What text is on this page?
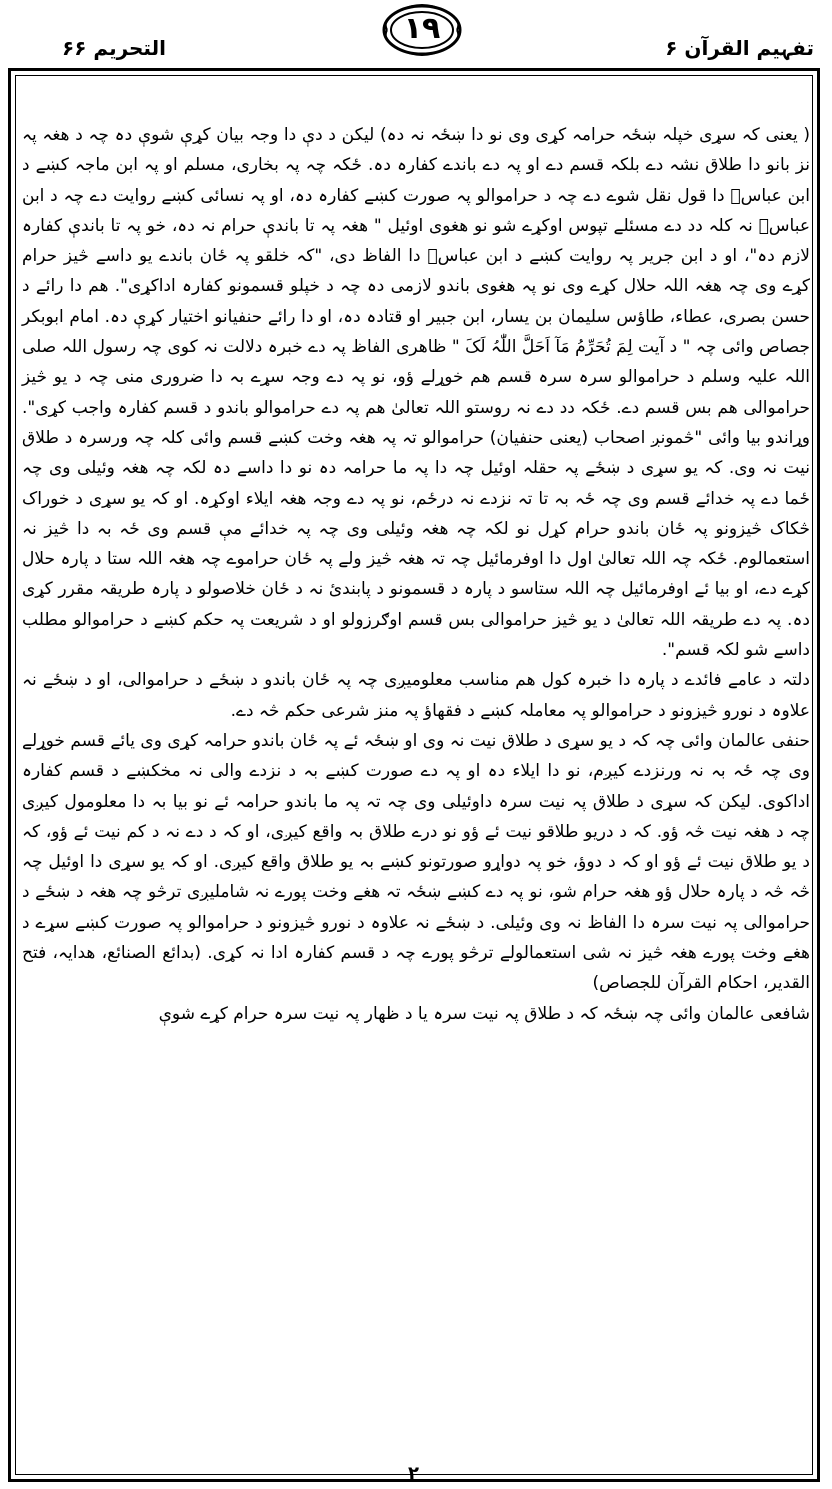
تفہیم القرآن ۶
۱۹
التحریم ۶۶

( یعنی کہ سړی خپلہ ښځہ حرامہ کړی وی نو دا ښځہ نہ دہ) لیکن د دې دا وجہ بیان کړې شوې دہ چہ د ھغہ پہ نز بانو دا طلاق نشہ دے بلکہ قسم دے او پہ دے باندے کفارہ دہ. ځکہ چہ پہ بخاری، مسلم او پہ ابن ماجہ کښے د ابن عباسؓ دا قول نقل شوے دے چہ د حراموالو پہ صورت کښے کفارہ دہ، او پہ نسائی کښے روایت دے چہ د ابن عباسؓ نہ کلہ دد دے مسئلے تپوس اوکړے شو نو ھغوی اوئیل " ھغہ پہ تا باندې حرام نہ دہ، خو پہ تا باندې کفارہ لازم دہ"، او د ابن جریر پہ روایت کښے د ابن عباسؓ دا الفاظ دی، "کہ خلقو پہ ځان باندے یو داسے څیز حرام کړے وی چہ ھغہ اللہ حلال کړے وی نو پہ ھغوی باندو لازمی دہ چہ د خپلو قسمونو کفارہ اداکړی". ھم دا رائے د حسن بصری، عطاء، طاؤس سلیمان بن یسار، ابن جبیر او قتادہ دہ، او دا رائے حنفیانو اختیار کړې دہ. امام ابوبکر جصاص وائی چہ " د آیت لِمَ تُحَرِّمُ مَآ اَحَلَّ اللّٰہُ لَکَ " ظاھری الفاظ پہ دے خبرہ دلالت نہ کوی چہ رسول اللہ صلی اللہ علیہ وسلم د حراموالو سرہ سرہ قسم ھم خوړلے ؤو، نو پہ دے وجہ سړے بہ دا ضروری منی چہ د یو څیز حراموالی ھم بس قسم دے. ځکہ دد دے نہ روستو اللہ تعالیٰ ھم پہ دے حراموالو باندو د قسم کفارہ واجب کړی". وړاندو بیا وائی "څمونږ اصحاب (یعنی حنفیان) حراموالو تہ پہ ھغہ وخت کښے قسم وائی کلہ چہ ورسرہ د طلاق نیت نہ وی. کہ یو سړی د ښځے پہ حقلہ اوئیل چہ دا پہ ما حرامہ دہ نو دا داسے دہ لکہ چہ ھغہ وئیلی وی چہ ځما دے پہ خدائے قسم وی چہ ځہ بہ تا تہ نزدے نہ درځم، نو پہ دے وجہ ھغہ ایلاء اوکړہ. او کہ یو سړی د خوراک څکاک څیزونو پہ ځان باندو حرام کړل نو لکہ چہ ھغہ وئیلی وی چہ پہ خدائے مې قسم وی ځہ بہ دا څیز نہ استعمالوم. ځکہ چہ اللہ تعالیٰ اول دا اوفرمائیل چہ تہ ھغہ څیز ولے پہ ځان حراموے چہ ھغہ اللہ ستا د پارہ حلال کړے دے، او بیا ئے اوفرمائیل چہ اللہ ستاسو د پارہ د قسمونو د پابندئ نہ د ځان خلاصولو د پارہ طریقہ مقرر کړی دہ. پہ دے طریقہ اللہ تعالیٰ د یو څیز حراموالی بس قسم اوګرزولو او د شریعت پہ حکم کښے د حراموالو مطلب داسے شو لکہ قسم".

دلتہ د عامے فائدے د پارہ دا خبرہ کول ھم مناسب معلومیږی چہ پہ ځان باندو د ښځے د حراموالی، او د ښځے نہ علاوہ د نورو څیزونو د حراموالو پہ معاملہ کښے د فقھاؤ پہ منز شرعی حکم څہ دے.

حنفی عالمان وائی چہ کہ د یو سړی د طلاق نیت نہ وی او ښځہ ئے پہ ځان باندو حرامہ کړی وی یائے قسم خوړلے وی چہ ځہ بہ نہ ورنزدے کیږم، نو دا ایلاء دہ او پہ دے صورت کښے بہ د نزدے والی نہ مخکښے د قسم کفارہ اداکوی. لیکن کہ سړی د طلاق پہ نیت سرہ داوئیلی وی چہ تہ پہ ما باندو حرامہ ئے نو بیا بہ دا معلومول کیږی چہ د ھغہ نیت څہ ؤو. کہ د دریو طلاقو نیت ئے ؤو نو درے طلاق بہ واقع کیږی، او کہ د دے نہ د کم نیت ئے ؤو، کہ د یو طلاق نیت ئے ؤو او کہ د دوؤ، خو پہ دواړو صورتونو کښے بہ یو طلاق واقع کیږی. او کہ یو سړی دا اوئیل چہ څہ څہ د پارہ حلال ؤو ھغہ حرام شو، نو پہ دے کښے ښځہ تہ ھغے وخت پورے نہ شاملیږی ترڅو چہ ھغہ د ښځے د حراموالی پہ نیت سرہ دا الفاظ نہ وی وئیلی. د ښځے نہ علاوہ د نورو څیزونو د حراموالو پہ صورت کښے سړے د ھغے وخت پورے ھغہ څیز نہ شی استعمالولے ترڅو پورے چہ د قسم کفارہ ادا نہ کړی. (بدائع الصنائع، ھدایہ، فتح القدیر، احکام القرآن للجصاص)

شافعی عالمان وائی چہ ښځہ کہ د طلاق پہ نیت سرہ یا د ظھار پہ نیت سرہ حرام کړے شوې

۲
